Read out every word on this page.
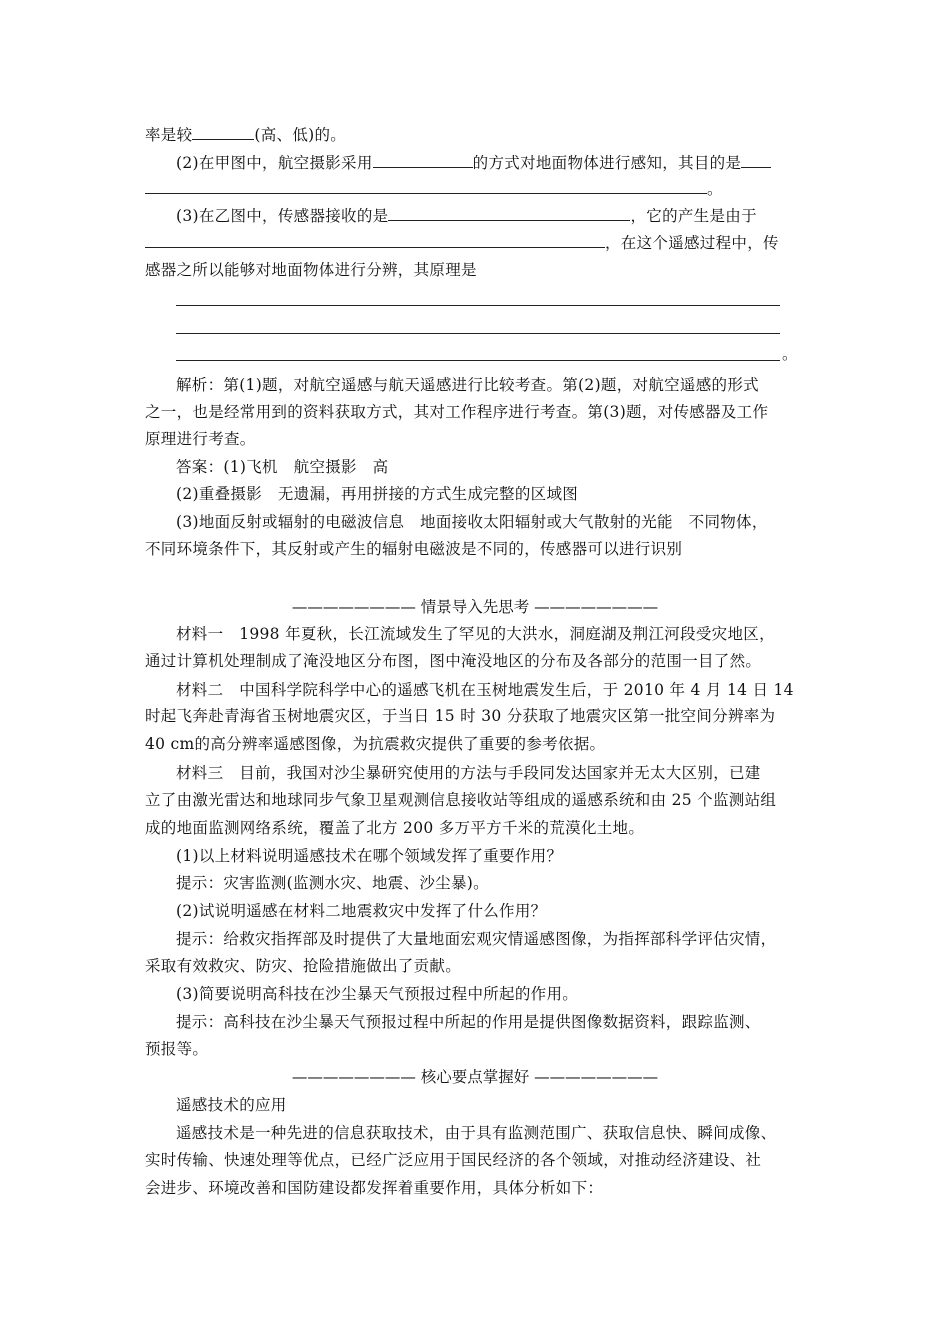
率是较	(高、低)的。
(2)在甲图中，航空摄影采用	的方式对地面物体进行感知，其目的是
。
(3)在乙图中，传感器接收的是	，它的产生是由于
，在这个遥感过程中，传
感器之所以能够对地面物体进行分辨，其原理是
。
解析：第(1)题，对航空遥感与航天遥感进行比较考查。第(2)题，对航空遥感的形式
之一，也是经常用到的资料获取方式，其对工作程序进行考查。第(3)题，对传感器及工作
原理进行考查。
答案：(1)飞机　航空摄影　高
(2)重叠摄影　无遗漏，再用拼接的方式生成完整的区域图
(3)地面反射或辐射的电磁波信息　地面接收太阳辐射或大气散射的光能　不同物体，
不同环境条件下，其反射或产生的辐射电磁波是不同的，传感器可以进行识别
———————— 情景导入先思考 ————————
材料一　1998 年夏秋，长江流域发生了罕见的大洪水，洞庭湖及荆江河段受灾地区，
通过计算机处理制成了淹没地区分布图，图中淹没地区的分布及各部分的范围一目了然。
材料二　中国科学院科学中心的遥感飞机在玉树地震发生后，于 2010 年 4 月 14 日 14
时起飞奔赴青海省玉树地震灾区，于当日 15 时 30 分获取了地震灾区第一批空间分辨率为
40 cm的高分辨率遥感图像，为抗震救灾提供了重要的参考依据。
材料三　目前，我国对沙尘暴研究使用的方法与手段同发达国家并无太大区别，已建
立了由激光雷达和地球同步气象卫星观测信息接收站等组成的遥感系统和由 25 个监测站组
成的地面监测网络系统，覆盖了北方 200 多万平方千米的荒漠化土地。
(1)以上材料说明遥感技术在哪个领域发挥了重要作用？
提示：灾害监测(监测水灾、地震、沙尘暴)。
(2)试说明遥感在材料二地震救灾中发挥了什么作用？
提示：给救灾指挥部及时提供了大量地面宏观灾情遥感图像，为指挥部科学评估灾情，
采取有效救灾、防灾、抢险措施做出了贡献。
(3)简要说明高科技在沙尘暴天气预报过程中所起的作用。
提示：高科技在沙尘暴天气预报过程中所起的作用是提供图像数据资料，跟踪监测、
预报等。
———————— 核心要点掌握好 ————————
遥感技术的应用
遥感技术是一种先进的信息获取技术，由于具有监测范围广、获取信息快、瞬间成像、
实时传输、快速处理等优点，已经广泛应用于国民经济的各个领域，对推动经济建设、社
会进步、环境改善和国防建设都发挥着重要作用，具体分析如下：
